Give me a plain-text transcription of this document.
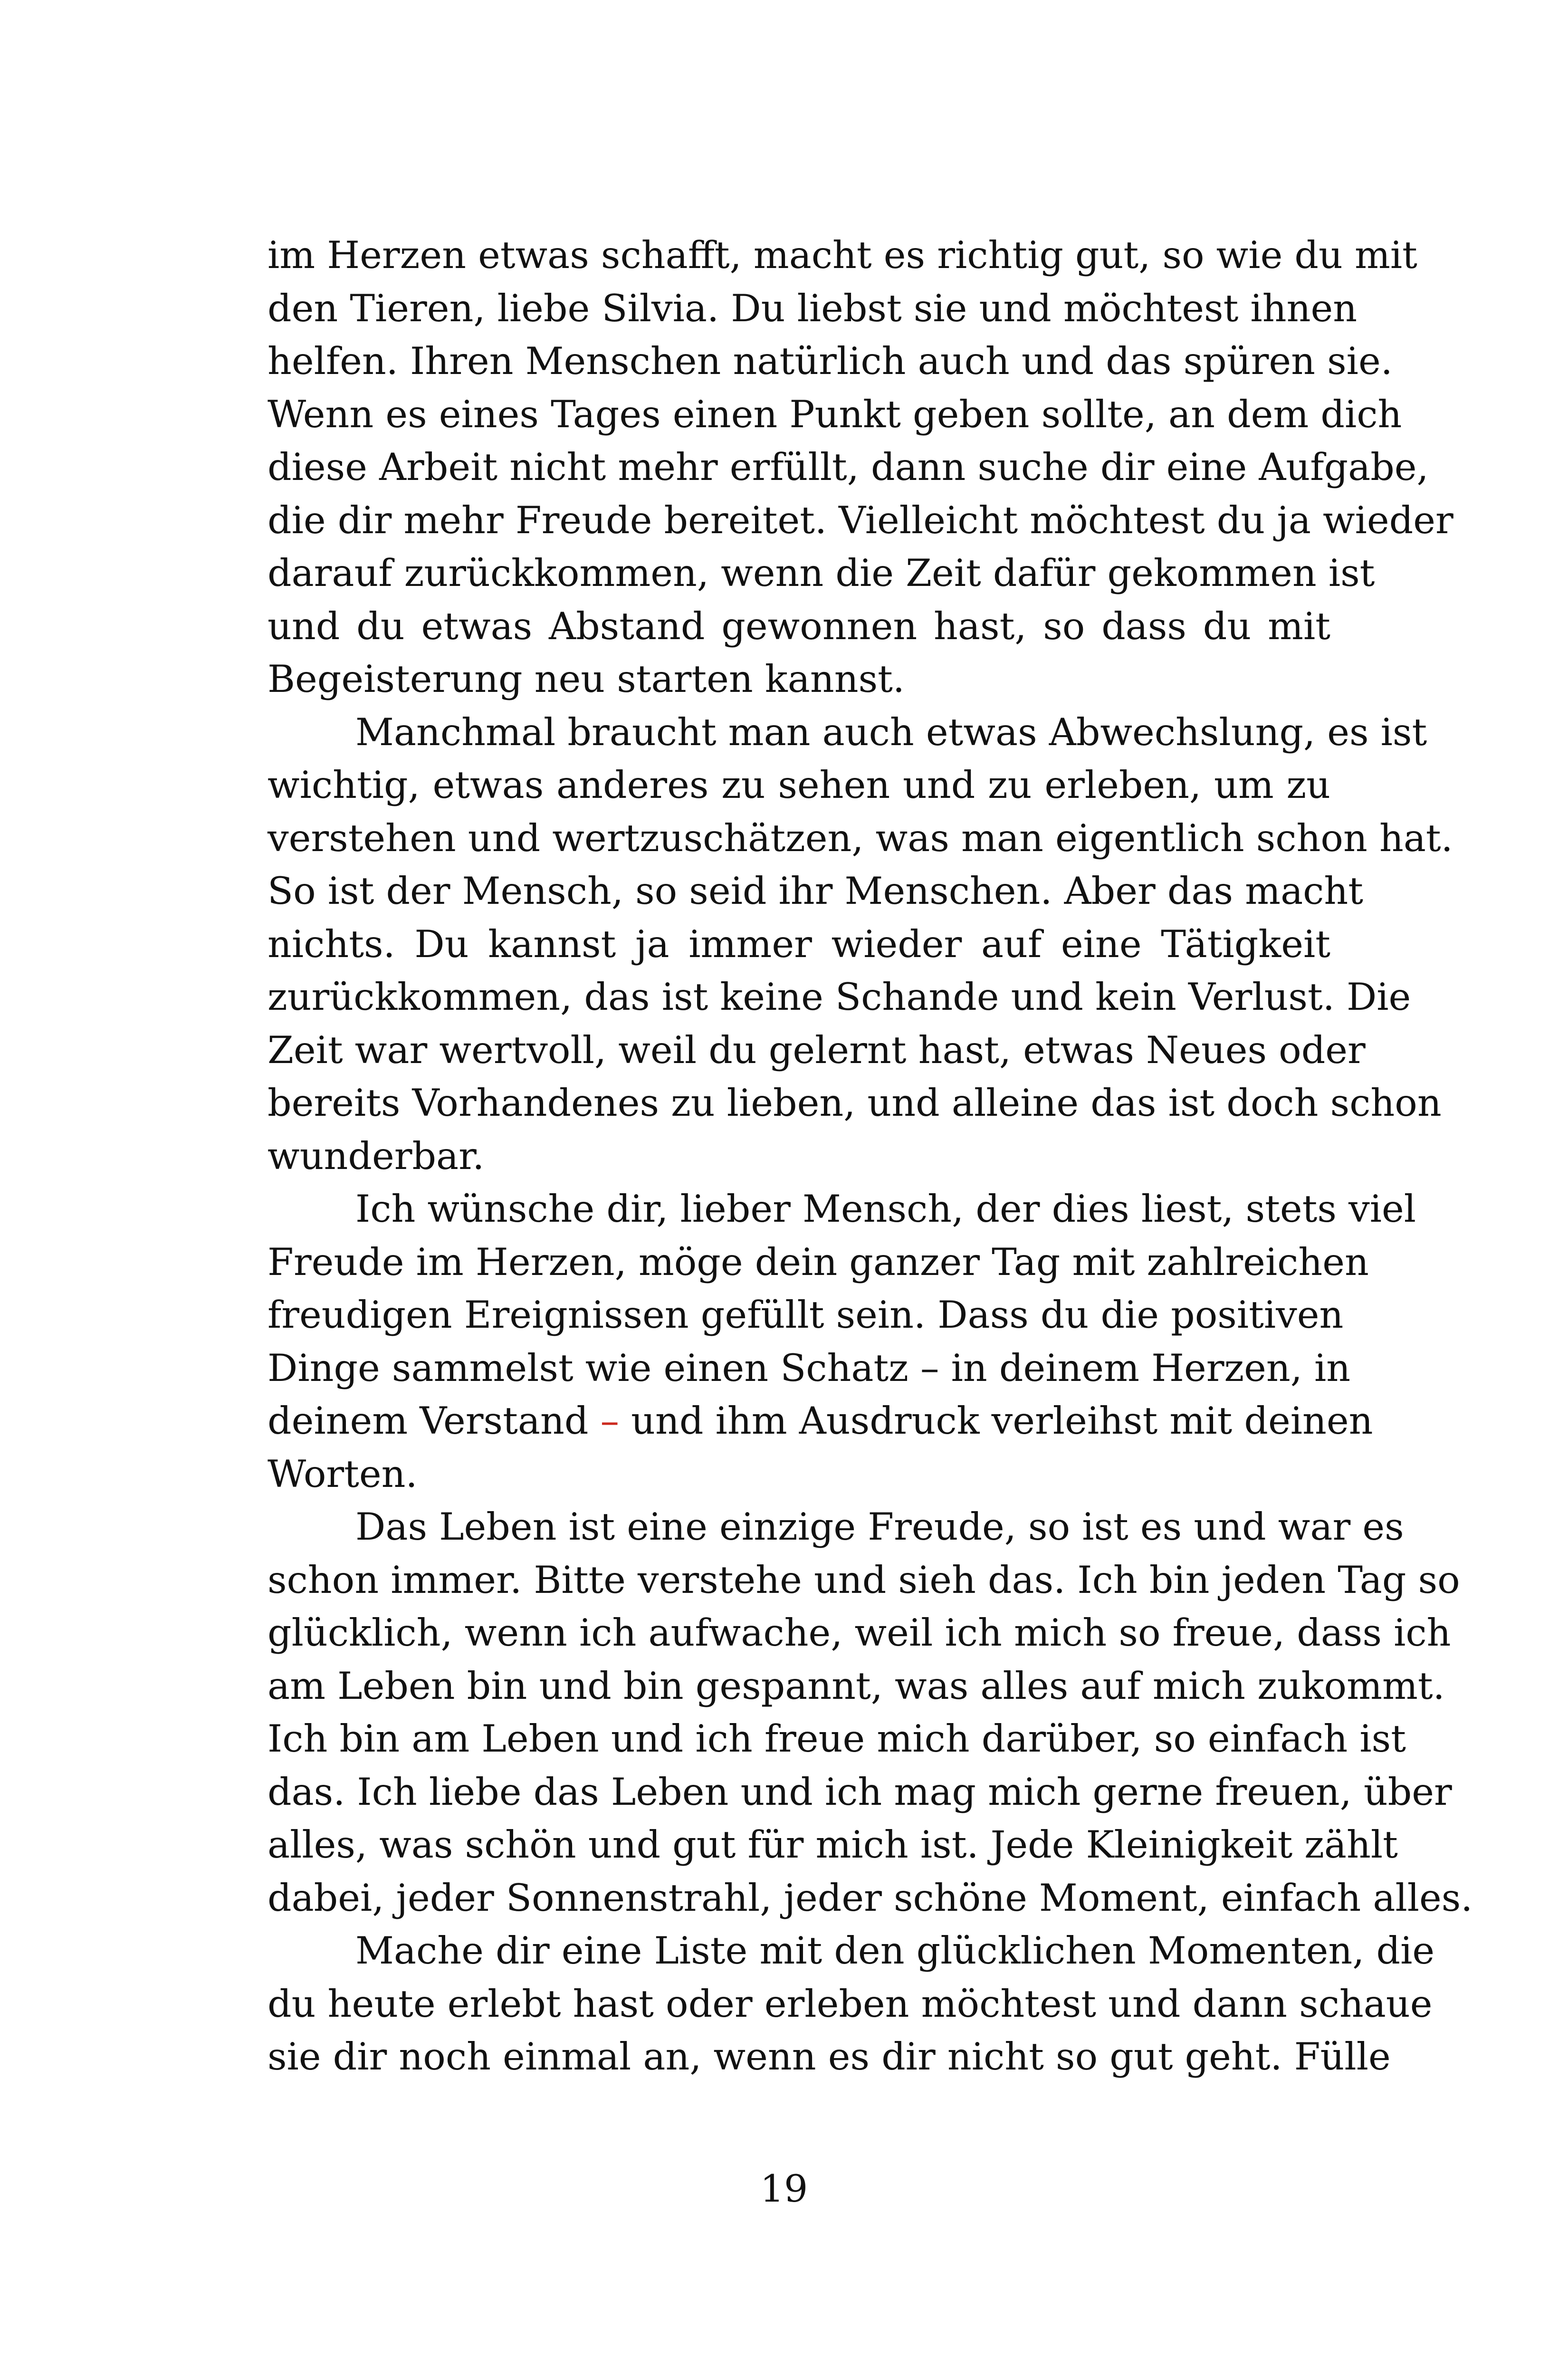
im Herzen etwas schafft, macht es richtig gut, so wie du mit
den Tieren, liebe Silvia. Du liebst sie und möchtest ihnen
helfen. Ihren Menschen natürlich auch und das spüren sie.
Wenn es eines Tages einen Punkt geben sollte, an dem dich
diese Arbeit nicht mehr erfüllt, dann suche dir eine Aufgabe,
die dir mehr Freude bereitet. Vielleicht möchtest du ja wieder
darauf zurückkommen, wenn die Zeit dafür gekommen ist
und du etwas Abstand gewonnen hast, so dass du mit
Begeisterung neu starten kannst.
Manchmal braucht man auch etwas Abwechslung, es ist
wichtig, etwas anderes zu sehen und zu erleben, um zu
verstehen und wertzuschätzen, was man eigentlich schon hat.
So ist der Mensch, so seid ihr Menschen. Aber das macht
nichts. Du kannst ja immer wieder auf eine Tätigkeit
zurückkommen, das ist keine Schande und kein Verlust. Die
Zeit war wertvoll, weil du gelernt hast, etwas Neues oder
bereits Vorhandenes zu lieben, und alleine das ist doch schon
wunderbar.
Ich wünsche dir, lieber Mensch, der dies liest, stets viel
Freude im Herzen, möge dein ganzer Tag mit zahlreichen
freudigen Ereignissen gefüllt sein. Dass du die positiven
Dinge sammelst wie einen Schatz – in deinem Herzen, in
deinem Verstand – und ihm Ausdruck verleihst mit deinen
Worten.
Das Leben ist eine einzige Freude, so ist es und war es
schon immer. Bitte verstehe und sieh das. Ich bin jeden Tag so
glücklich, wenn ich aufwache, weil ich mich so freue, dass ich
am Leben bin und bin gespannt, was alles auf mich zukommt.
Ich bin am Leben und ich freue mich darüber, so einfach ist
das. Ich liebe das Leben und ich mag mich gerne freuen, über
alles, was schön und gut für mich ist. Jede Kleinigkeit zählt
dabei, jeder Sonnenstrahl, jeder schöne Moment, einfach alles.
Mache dir eine Liste mit den glücklichen Momenten, die
du heute erlebt hast oder erleben möchtest und dann schaue
sie dir noch einmal an, wenn es dir nicht so gut geht. Fülle
19
